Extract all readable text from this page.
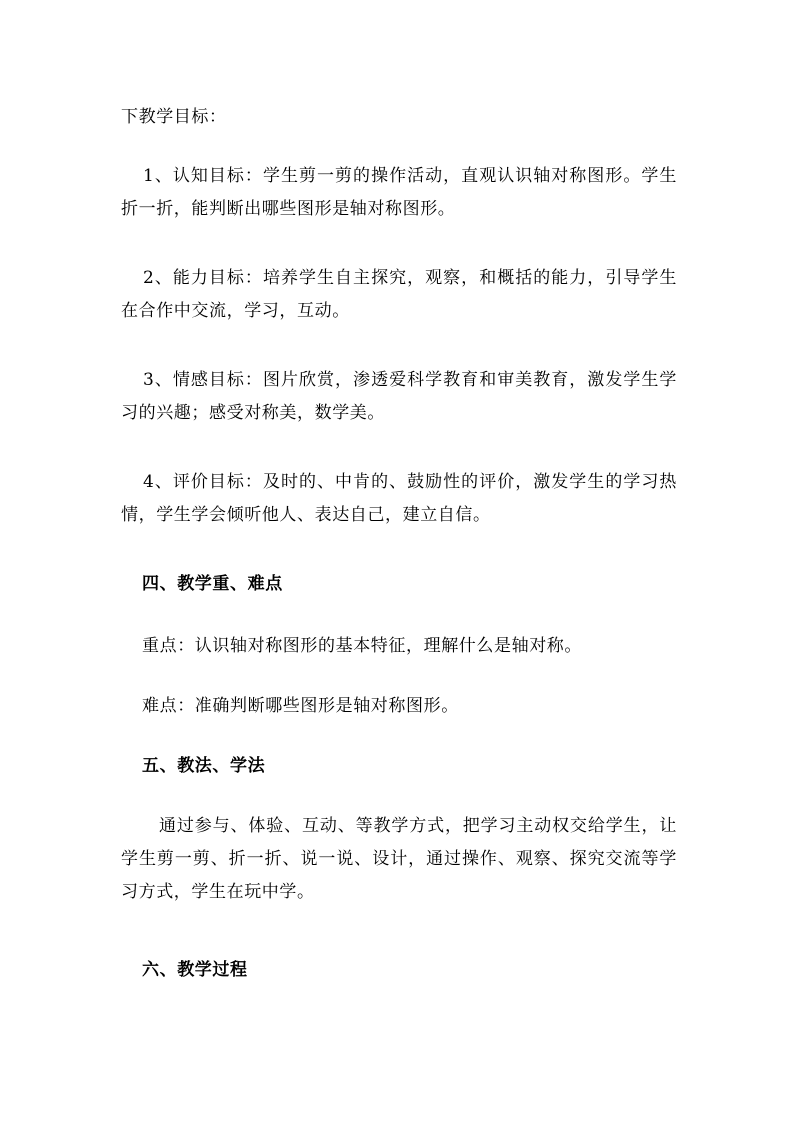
下教学目标：

1、认知目标：学生剪一剪的操作活动，直观认识轴对称图形。学生折一折，能判断出哪些图形是轴对称图形。

2、能力目标：培养学生自主探究，观察，和概括的能力，引导学生在合作中交流，学习，互动。

3、情感目标：图片欣赏，渗透爱科学教育和审美教育，激发学生学习的兴趣；感受对称美，数学美。

4、评价目标：及时的、中肯的、鼓励性的评价，激发学生的学习热情，学生学会倾听他人、表达自己，建立自信。

四、教学重、难点

重点：认识轴对称图形的基本特征，理解什么是轴对称。

难点：准确判断哪些图形是轴对称图形。

五、教法、学法

通过参与、体验、互动、等教学方式，把学习主动权交给学生，让学生剪一剪、折一折、说一说、设计，通过操作、观察、探究交流等学习方式，学生在玩中学。

六、教学过程
